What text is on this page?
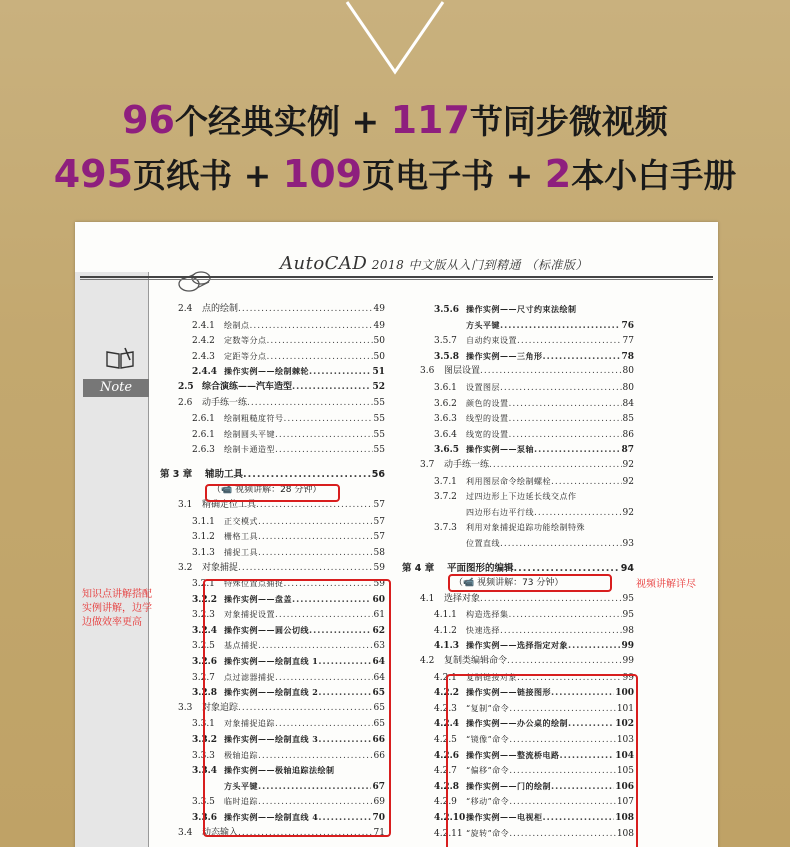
96个经典实例 + 117节同步微视频
495页纸书 + 109页电子书 + 2本小白手册
Note
AutoCAD 2018 中文版从入门到精通 （标准版）
2.4	点的绘制 .....	49
2.4.1	绘制点 .....	49
2.4.2	定数等分点 .....	50
2.4.3	定距等分点 .....	50
2.4.4 操作实例——绘制棘轮 .....	51
2.5 综合演练——汽车造型 .....	52
2.6	动手练一练 .....	55
2.6.1	绘制粗糙度符号 .....	55
2.6.1	绘制圆头平键 .....	55
2.6.3	绘制卡通造型 .....	55
第 3 章	辅助工具 .....	56
（📹 视频讲解：28 分钟）
3.1	精确定位工具 .....	57
3.1.1	正交模式 .....	57
3.1.2	栅格工具 .....	57
3.1.3	捕捉工具 .....	58
3.2	对象捕捉 .....	59
3.2.1	特殊位置点捕捉 .....	59
3.2.2 操作实例——盘盖 .....	60
3.2.3	对象捕捉设置 .....	61
3.2.4 操作实例——圆公切线 .....	62
3.2.5	基点捕捉 .....	63
3.2.6 操作实例——绘制直线 1 .....	64
3.2.7	点过滤器捕捉 .....	64
3.2.8 操作实例——绘制直线 2 .....	65
3.3	对象追踪 .....	65
3.3.1	对象捕捉追踪 .....	65
3.3.2 操作实例——绘制直线 3 .....	66
3.3.3	极轴追踪 .....	66
3.3.4 操作实例——极轴追踪法绘制
方头平键 .....	67
3.3.5	临时追踪 .....	69
3.3.6 操作实例——绘制直线 4 .....	70
3.4	动态输入 .....	71
3.5.6 操作实例——尺寸约束法绘制
方头平键 .....	76
3.5.7	自动约束设置 .....	77
3.5.8 操作实例——三角形 .....	78
3.6	图层设置 .....	80
3.6.1	设置图层 .....	80
3.6.2	颜色的设置 .....	84
3.6.3	线型的设置 .....	85
3.6.4	线宽的设置 .....	86
3.6.5 操作实例——泵轴 .....	87
3.7	动手练一练 .....	92
3.7.1	利用图层命令绘制螺栓 .....	92
3.7.2	过四边形上下边延长线交点作
四边形右边平行线 .....	92
3.7.3	利用对象捕捉追踪功能绘制特殊
位置直线 .....	93
第 4 章	平面图形的编辑 .....	94
（📹 视频讲解：73 分钟）
4.1	选择对象 .....	95
4.1.1	构造选择集 .....	95
4.1.2	快速选择 .....	98
4.1.3 操作实例——选择指定对象 .....	99
4.2	复制类编辑命令 .....	99
4.2.1	复制链接对象 .....	99
4.2.2 操作实例——链接图形 .....	100
4.2.3	“复制”命令 .....	101
4.2.4 操作实例——办公桌的绘制 .....	102
4.2.5	“镜像”命令 .....	103
4.2.6 操作实例——整流桥电路 .....	104
4.2.7	“偏移”命令 .....	105
4.2.8 操作实例——门的绘制 .....	106
4.2.9	“移动”命令 .....	107
4.2.10 操作实例——电视柜 .....	108
4.2.11 “旋转”命令 .....	108
知识点讲解搭配实例讲解，边学边做效率更高
视频讲解详尽
